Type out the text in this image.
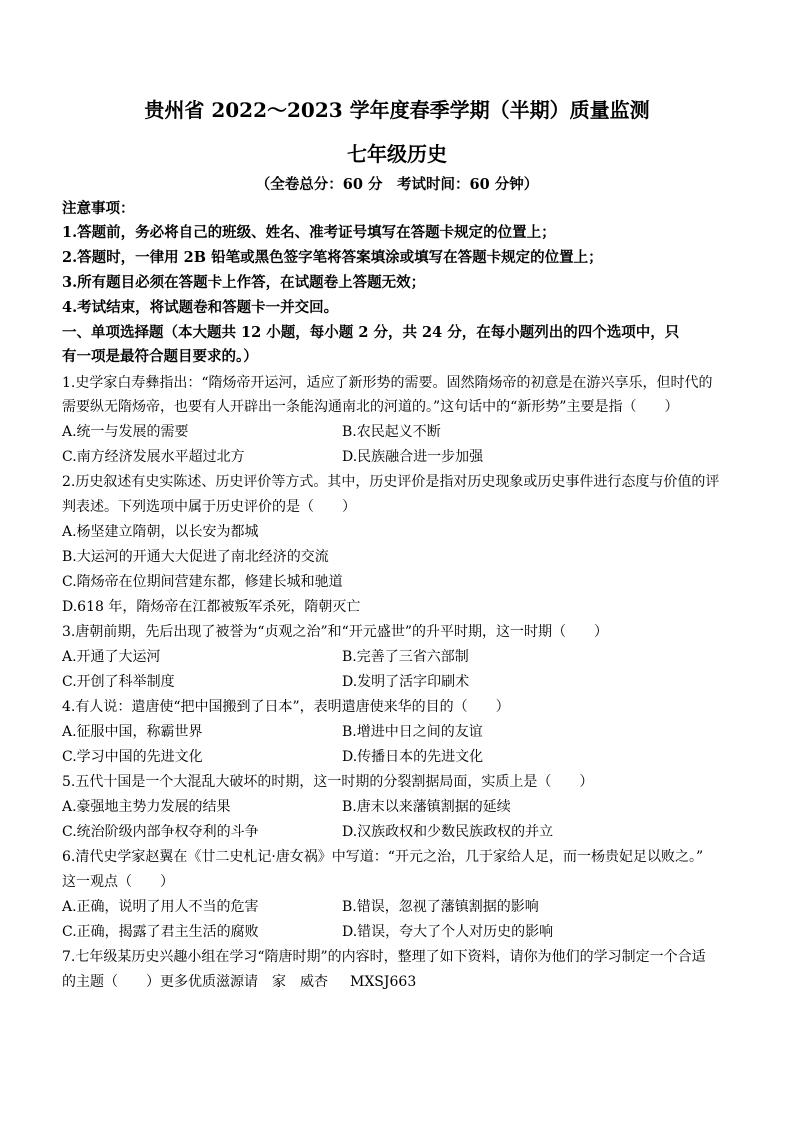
贵州省 2022～2023 学年度春季学期（半期）质量监测
七年级历史
（全卷总分：60 分　考试时间：60 分钟）
注意事项：
1.答题前，务必将自己的班级、姓名、准考证号填写在答题卡规定的位置上；
2.答题时，一律用 2B 铅笔或黑色签字笔将答案填涂或填写在答题卡规定的位置上；
3.所有题目必须在答题卡上作答，在试题卷上答题无效；
4.考试结束，将试题卷和答题卡一并交回。
一、单项选择题（本大题共 12 小题，每小题 2 分，共 24 分，在每小题列出的四个选项中，只
有一项是最符合题目要求的。）
1.史学家白寿彝指出：“隋炀帝开运河，适应了新形势的需要。固然隋炀帝的初意是在游兴享乐，但时代的
需要纵无隋炀帝，也要有人开辟出一条能沟通南北的河道的。”这句话中的“新形势”主要是指（　　）
A.统一与发展的需要	B.农民起义不断
C.南方经济发展水平超过北方	D.民族融合进一步加强
2.历史叙述有史实陈述、历史评价等方式。其中，历史评价是指对历史现象或历史事件进行态度与价值的评
判表述。下列选项中属于历史评价的是（　　）
A.杨坚建立隋朝，以长安为都城
B.大运河的开通大大促进了南北经济的交流
C.隋炀帝在位期间营建东都，修建长城和驰道
D.618 年，隋炀帝在江都被叛军杀死，隋朝灭亡
3.唐朝前期，先后出现了被誉为“贞观之治”和“开元盛世”的升平时期，这一时期（　　）
A.开通了大运河	B.完善了三省六部制
C.开创了科举制度	D.发明了活字印刷术
4.有人说：遣唐使“把中国搬到了日本”，表明遣唐使来华的目的（　　）
A.征服中国，称霸世界	B.增进中日之间的友谊
C.学习中国的先进文化	D.传播日本的先进文化
5.五代十国是一个大混乱大破坏的时期，这一时期的分裂割据局面，实质上是（　　）
A.豪强地主势力发展的结果	B.唐末以来藩镇割据的延续
C.统治阶级内部争权夺利的斗争	D.汉族政权和少数民族政权的并立
6.清代史学家赵翼在《廿二史札记·唐女祸》中写道：“开元之治，几于家给人足，而一杨贵妃足以败之。”
这一观点（　　）
A.正确，说明了用人不当的危害	B.错误，忽视了藩镇割据的影响
C.正确，揭露了君主生活的腐败	D.错误，夸大了个人对历史的影响
7.七年级某历史兴趣小组在学习“隋唐时期”的内容时，整理了如下资料，请你为他们的学习制定一个合适
的主题（　　）更多优质滋源请　家　威杏 MXSJ663
